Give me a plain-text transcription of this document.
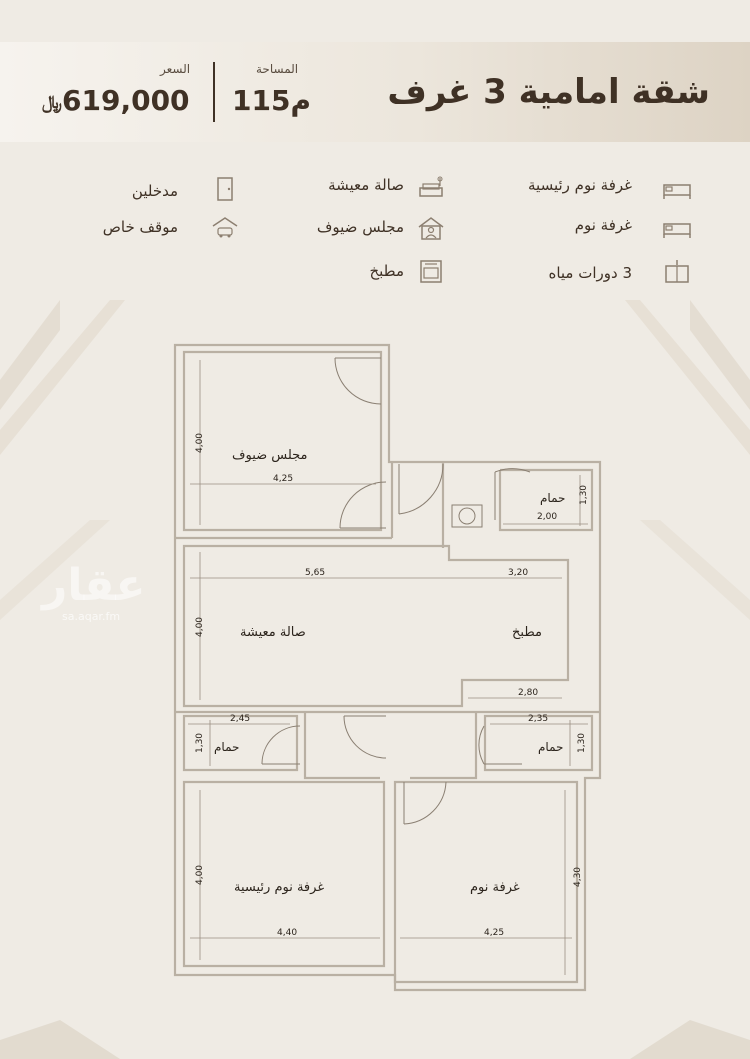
شقة امامية 3 غرف
المساحة
115م
السعر
619,000
﷼
غرفة نوم رئيسية
غرفة نوم
3 دورات مياه
صالة معيشة
مجلس ضيوف
مطبخ
مدخلين
موقف خاص
مجلس ضيوف
حمام
صالة معيشة	مطبخ
حمام	حمام
غرفة نوم رئيسية	غرفة نوم
4,00
4,25
1,30
2,00
5,65	3,20
4,00
2,80
2,45
1,30
2,35
1,30
4,00
4,40	4,25
4,30
عقار
sa.aqar.fm
